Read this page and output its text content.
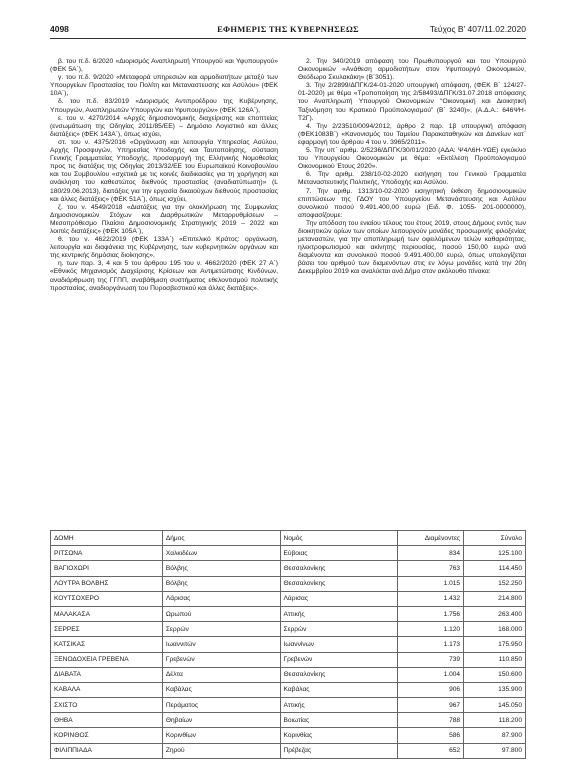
4098	ΕΦΗΜΕΡΙΣ ΤΗΣ ΚΥΒΕΡΝΗΣΕΩΣ	Τεύχος Β’ 407/11.02.2020

β. του π.δ. 6/2020 «Διορισμός Αναπληρωτή Υπουργού και Υφυπουργού» (ΦΕΚ 5Α΄),

γ. του π.δ. 9/2020 «Μεταφορά υπηρεσιών και αρμοδιοτήτων μεταξύ των Υπουργείων Προστασίας του Πολίτη και Μεταναστευσης και Ασύλου» (ΦΕΚ 10Α΄),

δ. του π.δ. 83/2019 «Διορισμός Αντιπροέδρου της Κυβέρνησης, Υπουργών, Αναπληρωτών Υπουργών και Υφυπουργών» (ΦΕΚ 126Α΄),

ε. του ν. 4270/2014 «Αρχές δημοσιονομικής διαχείρισης και εποπτείας (ενσωμάτωση της Οδηγίας 2011/85/ΕΕ) – Δημόσιο Λογιστικό και άλλες διατάξεις» (ΦΕΚ 143Α΄), όπως ισχύει,

στ. του ν. 4375/2016 «Οργάνωση και λειτουργία Υπηρεσίας Ασύλου, Αρχής Προσφυγών, Υπηρεσίας Υποδοχής και Ταυτοποίησης, σύσταση Γενικής Γραμματείας Υποδοχής, προσαρμογή της Ελληνικής Νομοθεσίας προς τις διατάξεις της Οδηγίας 2013/32/ΕΕ του Ευρωπαϊκού Κοινοβουλίου και του Συμβουλίου «σχετικά με τις κοινές διαδικασίες για τη χορήγηση και ανάκληση του καθεστώτος διεθνούς προστασίας (αναδιατύπωση)» (L 180/29.06.2013), διατάξεις για την εργασία δικαιούχων διεθνούς προστασίας και άλλες διατάξεις» (ΦΕΚ 51Α΄), όπως ισχύει,

ζ. του ν. 4549/2018 «Διατάξεις για την ολοκλήρωση της Συμφωνίας Δημοσιονομικών Στόχων και Διαρθρωτικών Μεταρρυθμίσεων – Μεσοπρόθεσμο Πλαίσιο Δημοσιονομικής Στρατηγικής 2019 – 2022 και λοιπές διατάξεις» (ΦΕΚ 105Α΄),

θ. του ν. 4622/2019 (ΦΕΚ 133Α΄) «Επιτελικό Κράτος: οργάνωση, λειτουργία και διαφάνεια της Κυβέρνησης, των κυβερνητικών οργάνων και της κεντρικής δημόσιας διοίκησης»,

η. των παρ. 3, 4 και 5 του άρθρου 195 του ν. 4662/2020 (ΦΕΚ 27 Α΄) «Εθνικός Μηχανισμός Διαχείρισης Κρίσεων και Αντιμετώπισης Κινδύνων, αναδιάρθρωση της ΓΓΠΠ, αναβάθμιση συστήματος εθελοντισμού πολιτικής προστασίας, αναδιοργάνωση του Πυροσβεστικού και άλλες διατάξεις».

2. Την 340/2019 απόφαση του Πρωθυπουργού και του Υπουργού Οικονομικών «Ανάθεση αρμοδιοτήτων στον Υφυπουργό Οικονομικών, Θεόδωρο Σκυλακάκη» (Β΄3051).

3. Την 2/2899/ΔΠΓΚ/24-01-2020 υπουργική απόφαση, (ΦΕΚ Β΄ 124/27-01-2020) με θέμα «Τροποποίηση της 2/58493/ΔΠΓΚ/31.07.2018 απόφασης του Αναπληρωτή Υπουργού Οικονομικών “Οικονομική και Διοικητική Ταξινόμηση του Κρατικού Προϋπολογισμού” (Β΄ 3240)», (Α.Δ.Α.: 646ΨΗ-Τ2Γ).

4. Την 2/23510/0094/2012, άρθρο 2 παρ. 1β υπουργική απόφαση (ΦΕΚ1083Β΄) «Κανονισμός του Ταμείου Παρακαταθηκών και Δανείων κατ΄ εφαρμογή του άρθρου 4 του ν. 3965/2011».

5. Την υπ΄ αριθμ. 2/5236/ΔΠΓΚ/30/01/2020 (ΑΔΑ: Ψ4Λ6Η-ΥΩΕ) εγκύκλιο του Υπουργείου Οικονομικών με θέμα: «Εκτέλεση Προϋπολογισμού Οικονομικού Έτους 2020».

6. Την αριθμ. 238/10-02-2020 εισήγηση του Γενικού Γραμματέα Μεταναστευτικής Πολιτικής, Υποδοχής και Ασύλου.

7. Την αριθμ. 1313/10-02-2020 εισηγητική έκθεση δημοσιονομικών επιπτώσεων της ΓΔΟΥ του Υπουργείου Μετανάστευσης και Ασύλου συνολικού ποσού 9.491.400,00 ευρώ (Ειδ. Φ. 1055- 201-0000000), αποφασίζουμε:

Την απόδοση του ενιαίου τέλους του έτους 2019, στους Δήμους εντός των διοικητικών ορίων των οποίων λειτουργούν μονάδες προσωρινής φιλοξενίας μεταναστών, για την αποπληρωμή των οφειλόμενων τελών καθαριότητας, ηλεκτροφωτισμού και ακίνητης περιουσίας, ποσού 150,00 ευρώ ανά διαμένοντα και συνολικού ποσού 9.491.400,00 ευρώ, όπως υπολογίζεται βάσει του αριθμού των διαμενόντων στις εν λόγω μονάδες κατά την 20η Δεκεμβρίου 2019 και αναλύεται ανά Δήμο στον ακόλουθο πίνακα:

ΔΟΜΗ	Δήμος	Νομός	Διαμένοντες	Σύνολο
ΡΙΤΣΩΝΑ	Χαλκιδέων	Εύβοιας	834	125.100
ΒΑΓΙΟΧΩΡΙ	Βόλβης	Θεσσαλονίκης	763	114.450
ΛΟΥΤΡΑ ΒΟΛΒΗΣ	Βόλβης	Θεσσαλονίκης	1.015	152.250
ΚΟΥΤΣΟΧΕΡΟ	Λάρισας	Λάρισας	1.432	214.800
ΜΑΛΑΚΑΣΑ	Ωρωπού	Αττικής	1.756	263.400
ΣΕΡΡΕΣ	Σερρών	Σερρών	1.120	168.000
ΚΑΤΣΙΚΑΣ	Ιωαννιτών	Ιωαννίνων	1.173	175.950
ΞΕΝΟΔΟΧΕΙΑ ΓΡΕΒΕΝΑ	Γρεβενών	Γρεβενών	739	110.850
ΔΙΑΒΑΤΑ	Δέλτα	Θεσσαλονίκης	1.004	150.600
ΚΑΒΑΛΑ	Καβάλας	Καβάλας	906	135.900
ΣΧΙΣΤΟ	Περάματος	Αττικής	967	145.050
ΘΗΒΑ	Θηβαίων	Βοιωτίας	788	118.200
ΚΟΡΙΝΘΟΣ	Κορινθίων	Κορινθίας	586	87.900
ΦΙΛΙΠΠΙΑΔΑ	Ζηρού	Πρέβεζας	652	97.800
